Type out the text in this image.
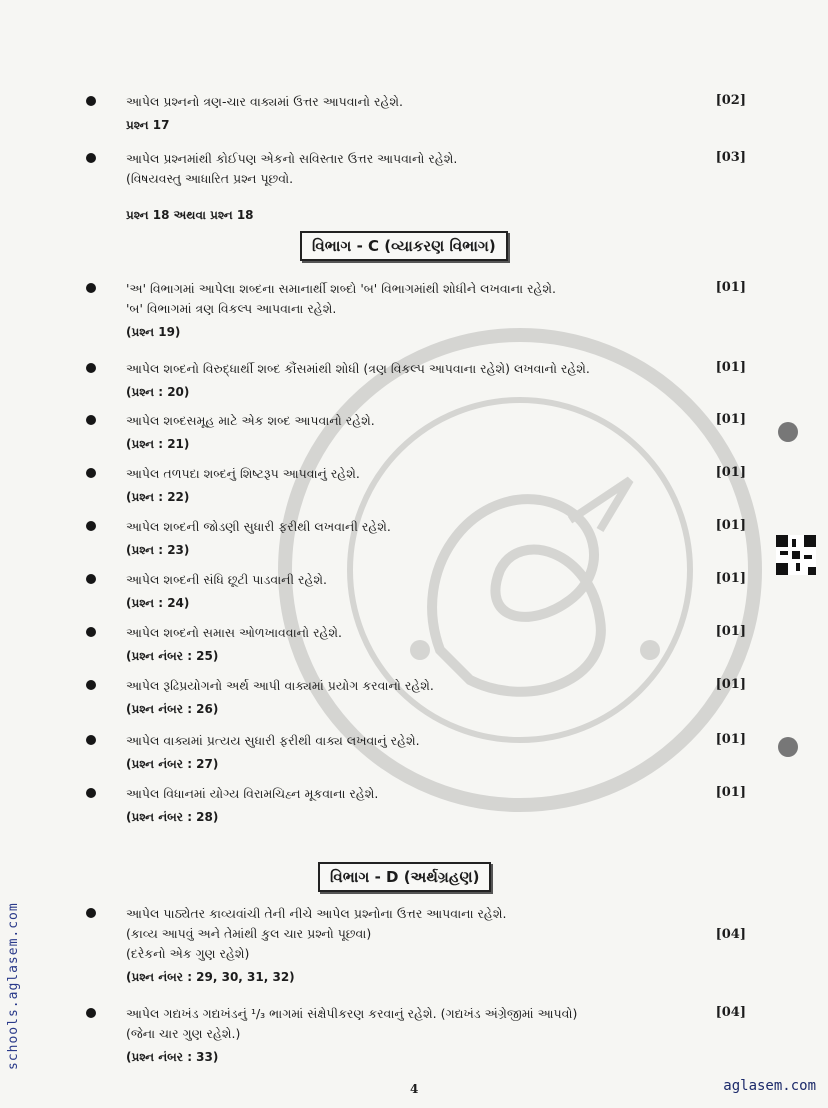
વિભાગ - C (વ્યાકરણ વિભાગ)
વિભાગ - D (અર્થગ્રહણ)
પ્રશ્ન 18 અથવા પ્રશ્ન 18
આપેલ પ્રશ્નનો ત્રણ-ચાર વાક્યમાં ઉત્તર આપવાનો રહેશે.
પ્રશ્ન 17
[02]
આપેલ પ્રશ્નમાંથી કોઈપણ એકનો સવિસ્તાર ઉત્તર આપવાનો રહેશે.
(વિષયવસ્તુ આધારિત પ્રશ્ન પૂછવો.
[03]
'અ' વિભાગમાં આપેલા શબ્દના સમાનાર્થી શબ્દો 'બ' વિભાગમાંથી શોધીને લખવાના રહેશે.
'બ' વિભાગમાં ત્રણ વિકલ્પ આપવાના રહેશે.
(પ્રશ્ન 19)
[01]
આપેલ શબ્દનો વિરુદ્ધાર્થી શબ્દ કૌંસમાંથી શોધી (ત્રણ વિકલ્પ આપવાના રહેશે) લખવાનો રહેશે.
(પ્રશ્ન : 20)
[01]
આપેલ શબ્દસમૂહ માટે એક શબ્દ આપવાનો રહેશે.
(પ્રશ્ન : 21)
[01]
આપેલ તળપદા શબ્દનું શિષ્ટરૂપ આપવાનું રહેશે.
(પ્રશ્ન : 22)
[01]
આપેલ શબ્દની જોડણી સુધારી ફરીથી લખવાની રહેશે.
(પ્રશ્ન : 23)
[01]
આપેલ શબ્દની સંધિ છૂટી પાડવાની રહેશે.
(પ્રશ્ન : 24)
[01]
આપેલ શબ્દનો સમાસ ઓળખાવવાનો રહેશે.
(પ્રશ્ન નંબર : 25)
[01]
આપેલ રૂઢિપ્રયોગનો અર્થ આપી વાક્યમાં પ્રયોગ કરવાનો રહેશે.
(પ્રશ્ન નંબર : 26)
[01]
આપેલ વાક્યમાં પ્રત્યય સુધારી ફરીથી વાક્ય લખવાનું રહેશે.
(પ્રશ્ન નંબર : 27)
[01]
આપેલ વિધાનમાં યોગ્ય વિરામચિહ્ન મૂકવાના રહેશે.
(પ્રશ્ન નંબર : 28)
[01]
આપેલ પાઠ્યેતર કાવ્યવાંચી તેની નીચે આપેલ પ્રશ્નોના ઉત્તર આપવાના રહેશે.
(કાવ્ય આપવું અને તેમાંથી કુલ ચાર પ્રશ્નો પૂછવા)
(દરેકનો એક ગુણ રહેશે)
(પ્રશ્ન નંબર : 29, 30, 31, 32)
[04]
આપેલ ગદ્યખંડ ગદ્યખંડનું ¹/₃ ભાગમાં સંક્ષેપીકરણ કરવાનું રહેશે. (ગદ્યખંડ અંગ્રેજીમાં આપવો)
(જેના ચાર ગુણ રહેશે.)
(પ્રશ્ન નંબર : 33)
[04]
schools.aglasem.com
4	aglasem.com
